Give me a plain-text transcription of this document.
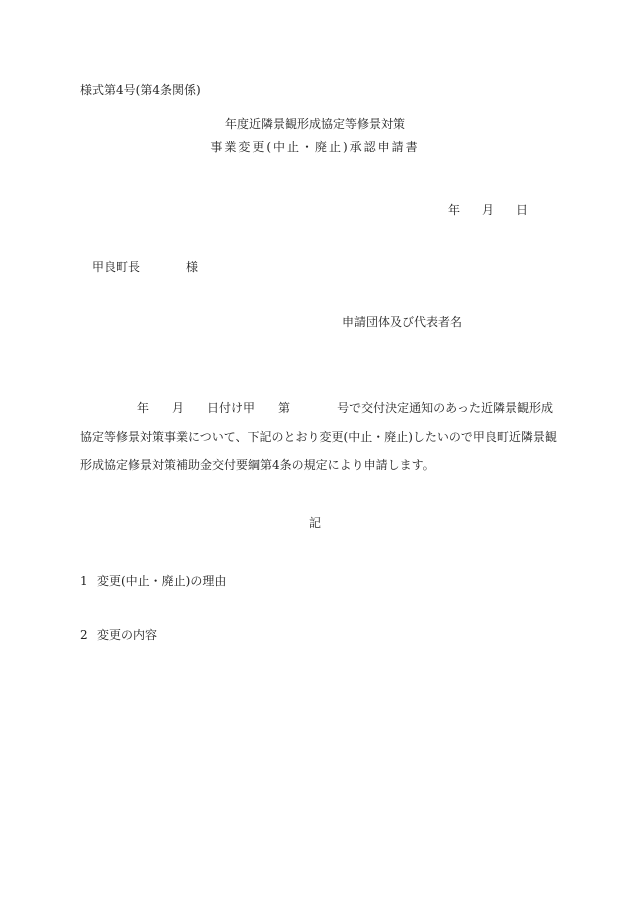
様式第4号(第4条関係)
年度近隣景観形成協定等修景対策
事業変更(中止・廃止)承認申請書
年 月 日
甲良町長	様
申請団体及び代表者名
年 月 日付け甲 第	号で交付決定通知のあった近隣景観形成
協定等修景対策事業について、下記のとおり変更(中止・廃止)したいので甲良町近隣景観
形成協定修景対策補助金交付要綱第4条の規定により申請します。
記
1 変更(中止・廃止)の理由
2 変更の内容
